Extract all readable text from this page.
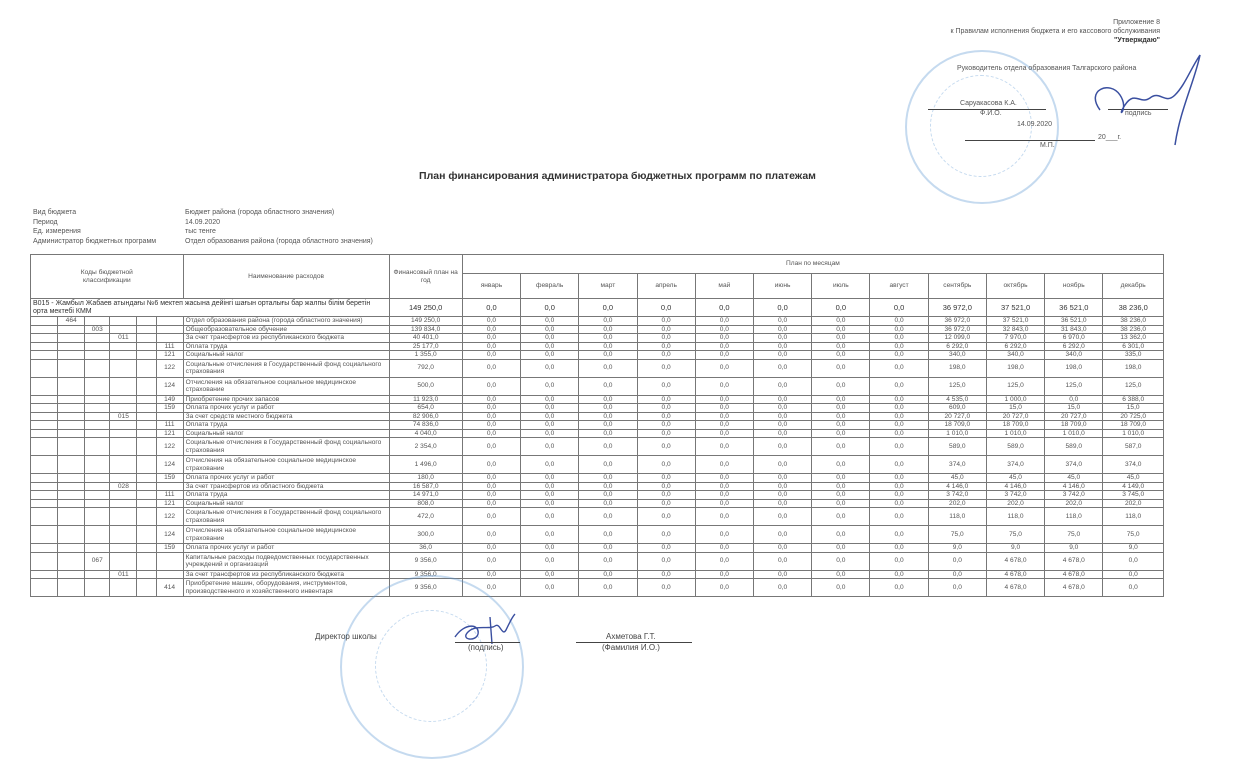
Приложение 8
к Правилам исполнения бюджета и его кассового обслуживания
"Утверждаю"
Руководитель отдела образования Талгарского района
Саруакасова К.А.
Ф.И.О.	подпись
14.09.2020
20___г.
М.П.
План финансирования администратора бюджетных программ по платежам
Вид бюджета	Бюджет района (города областного значения)
Период	14.09.2020
Ед. измерения	тыс тенге
Администратор бюджетных программ	Отдел образования района (города областного значения)
Коды бюджетной классификации						Наименование расходов	Финансовый план на год	План по месяцам											
								январь	февраль	март	апрель	май	июнь	июль	август	сентябрь	октябрь	ноябрь	декабрь
В015 - Жамбыл Жабаев атындағы №6 мектеп жасына дейінгі шағын орталығы бар жалпы білім беретін орта мектебі КММ							149 250,0	0,0	0,0	0,0	0,0	0,0	0,0	0,0	0,0	36 972,0	37 521,0	36 521,0	38 236,0
	464					Отдел образования района (города областного значения)	149 250,0	0,0	0,0	0,0	0,0	0,0	0,0	0,0	0,0	36 972,0	37 521,0	36 521,0	38 236,0
		003				Общеобразовательное обучение	139 834,0	0,0	0,0	0,0	0,0	0,0	0,0	0,0	0,0	36 972,0	32 843,0	31 843,0	38 236,0
			011			За счет трансфертов из республиканского бюджета	40 401,0	0,0	0,0	0,0	0,0	0,0	0,0	0,0	0,0	12 099,0	7 970,0	6 970,0	13 362,0
					111	Оплата труда	25 177,0	0,0	0,0	0,0	0,0	0,0	0,0	0,0	0,0	6 292,0	6 292,0	6 292,0	6 301,0
					121	Социальный налог	1 355,0	0,0	0,0	0,0	0,0	0,0	0,0	0,0	0,0	340,0	340,0	340,0	335,0
					122	Социальные отчисления в Государственный фонд социального страхования	792,0	0,0	0,0	0,0	0,0	0,0	0,0	0,0	0,0	198,0	198,0	198,0	198,0
					124	Отчисления на обязательное социальное медицинское страхование	500,0	0,0	0,0	0,0	0,0	0,0	0,0	0,0	0,0	125,0	125,0	125,0	125,0
					149	Приобретение прочих запасов	11 923,0	0,0	0,0	0,0	0,0	0,0	0,0	0,0	0,0	4 535,0	1 000,0	0,0	6 388,0
					159	Оплата прочих услуг и работ	654,0	0,0	0,0	0,0	0,0	0,0	0,0	0,0	0,0	609,0	15,0	15,0	15,0
			015			За счет средств местного бюджета	82 906,0	0,0	0,0	0,0	0,0	0,0	0,0	0,0	0,0	20 727,0	20 727,0	20 727,0	20 725,0
					111	Оплата труда	74 836,0	0,0	0,0	0,0	0,0	0,0	0,0	0,0	0,0	18 709,0	18 709,0	18 709,0	18 709,0
					121	Социальный налог	4 040,0	0,0	0,0	0,0	0,0	0,0	0,0	0,0	0,0	1 010,0	1 010,0	1 010,0	1 010,0
					122	Социальные отчисления в Государственный фонд социального страхования	2 354,0	0,0	0,0	0,0	0,0	0,0	0,0	0,0	0,0	589,0	589,0	589,0	587,0
					124	Отчисления на обязательное социальное медицинское страхование	1 496,0	0,0	0,0	0,0	0,0	0,0	0,0	0,0	0,0	374,0	374,0	374,0	374,0
					159	Оплата прочих услуг и работ	180,0	0,0	0,0	0,0	0,0	0,0	0,0	0,0	0,0	45,0	45,0	45,0	45,0
			028			За счет трансфертов из областного бюджета	16 587,0	0,0	0,0	0,0	0,0	0,0	0,0	0,0	0,0	4 146,0	4 146,0	4 146,0	4 149,0
					111	Оплата труда	14 971,0	0,0	0,0	0,0	0,0	0,0	0,0	0,0	0,0	3 742,0	3 742,0	3 742,0	3 745,0
					121	Социальный налог	808,0	0,0	0,0	0,0	0,0	0,0	0,0	0,0	0,0	202,0	202,0	202,0	202,0
					122	Социальные отчисления в Государственный фонд социального страхования	472,0	0,0	0,0	0,0	0,0	0,0	0,0	0,0	0,0	118,0	118,0	118,0	118,0
					124	Отчисления на обязательное социальное медицинское страхование	300,0	0,0	0,0	0,0	0,0	0,0	0,0	0,0	0,0	75,0	75,0	75,0	75,0
					159	Оплата прочих услуг и работ	36,0	0,0	0,0	0,0	0,0	0,0	0,0	0,0	0,0	9,0	9,0	9,0	9,0
		067				Капитальные расходы подведомственных государственных учреждений и организаций	9 356,0	0,0	0,0	0,0	0,0	0,0	0,0	0,0	0,0	0,0	4 678,0	4 678,0	0,0
			011			За счет трансфертов из республиканского бюджета	9 356,0	0,0	0,0	0,0	0,0	0,0	0,0	0,0	0,0	0,0	4 678,0	4 678,0	0,0
					414	Приобретение машин, оборудования, инструментов, производственного и хозяйственного инвентаря	9 356,0	0,0	0,0	0,0	0,0	0,0	0,0	0,0	0,0	0,0	4 678,0	4 678,0	0,0
Директор школы
(подпись)
Ахметова Г.Т.
(Фамилия И.О.)
